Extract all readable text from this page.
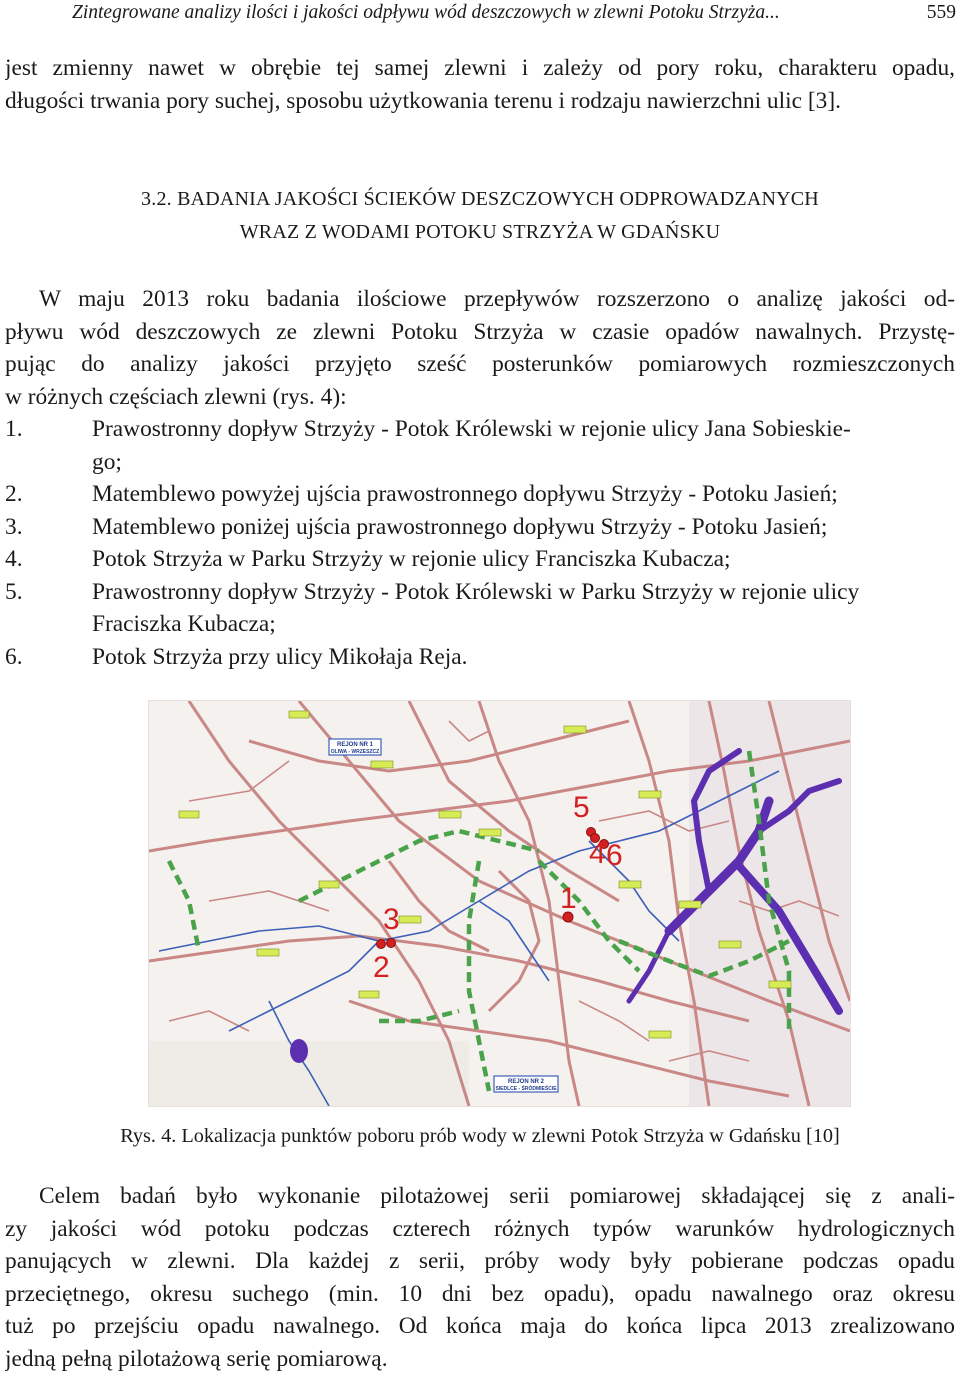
Zintegrowane analizy ilości i jakości odpływu wód deszczowych w zlewni Potoku Strzyża...	559
jest zmienny nawet w obrębie tej samej zlewni i zależy od pory roku, charakteru opadu,
długości trwania pory suchej, sposobu użytkowania terenu i rodzaju nawierzchni ulic [3].
3.2. BADANIA JAKOŚCI ŚCIEKÓW DESZCZOWYCH ODPROWADZANYCH
WRAZ Z WODAMI POTOKU STRZYŻA W GDAŃSKU
W maju 2013 roku badania ilościowe przepływów rozszerzono o analizę jakości od-
pływu wód deszczowych ze zlewni Potoku Strzyża w czasie opadów nawalnych. Przystę-
pując do analizy jakości przyjęto sześć posterunków pomiarowych rozmieszczonych
w różnych częściach zlewni (rys. 4):
1.	Prawostronny dopływ Strzyży - Potok Królewski w rejonie ulicy Jana Sobieskie-
go;
2.	Matemblewo powyżej ujścia prawostronnego dopływu Strzyży - Potoku Jasień;
3.	Matemblewo poniżej ujścia prawostronnego dopływu Strzyży - Potoku Jasień;
4.	Potok Strzyża w Parku Strzyży w rejonie ulicy Franciszka Kubacza;
5.	Prawostronny dopływ Strzyży - Potok Królewski w Parku Strzyży w rejonie ulicy
Fraciszka Kubacza;
6.	Potok Strzyża przy ulicy Mikołaja Reja.
REJON NR 1
OLIWA - WRZESZCZ
REJON NR 2
SIEDLCE - ŚRÓDMIEŚCIE
1
2
3
4
5
6
Rys. 4. Lokalizacja punktów poboru prób wody w zlewni Potok Strzyża w Gdańsku [10]
Celem badań było wykonanie pilotażowej serii pomiarowej składającej się z anali-
zy jakości wód potoku podczas czterech różnych typów warunków hydrologicznych
panujących w zlewni. Dla każdej z serii, próby wody były pobierane podczas opadu
przeciętnego, okresu suchego (min. 10 dni bez opadu), opadu nawalnego oraz okresu
tuż po przejściu opadu nawalnego. Od końca maja do końca lipca 2013 zrealizowano
jedną pełną pilotażową serię pomiarową.
